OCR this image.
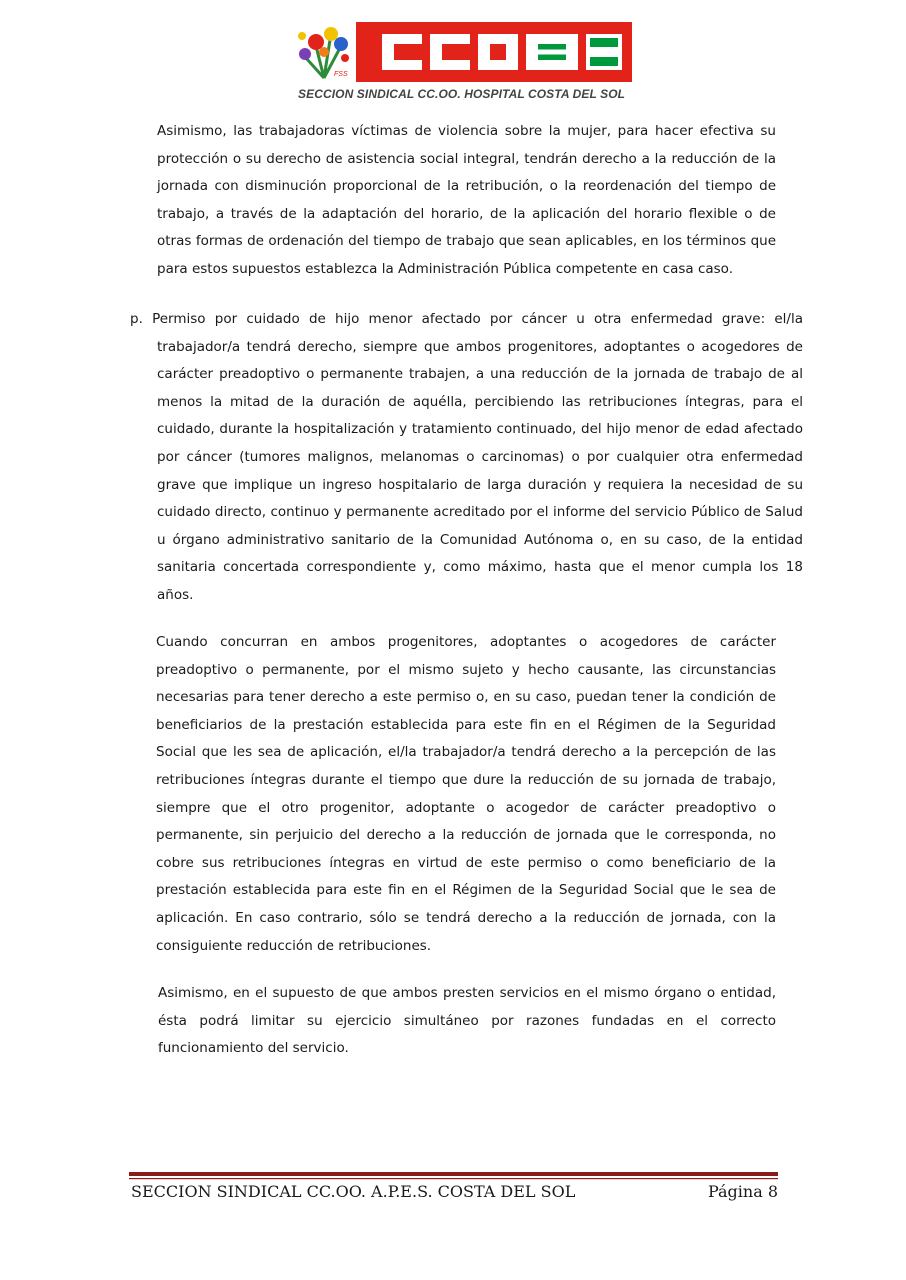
FSS
SECCION SINDICAL CC.OO. HOSPITAL COSTA DEL SOL

Asimismo, las trabajadoras víctimas de violencia sobre la mujer, para hacer efectiva su protección o su derecho de asistencia social integral, tendrán derecho a la reducción de la jornada con disminución proporcional de la retribución, o la reordenación del tiempo de trabajo, a través de la adaptación del horario, de la aplicación del horario flexible o de otras formas de ordenación del tiempo de trabajo que sean aplicables, en los términos que para estos supuestos establezca la Administración Pública competente en casa caso.

p. Permiso por cuidado de hijo menor afectado por cáncer u otra enfermedad grave: el/la trabajador/a tendrá derecho, siempre que ambos progenitores, adoptantes o acogedores de carácter preadoptivo o permanente trabajen, a una reducción de la jornada de trabajo de al menos la mitad de la duración de aquélla, percibiendo las retribuciones íntegras, para el cuidado, durante la hospitalización y tratamiento continuado, del hijo menor de edad afectado por cáncer (tumores malignos, melanomas o carcinomas) o por cualquier otra enfermedad grave que implique un ingreso hospitalario de larga duración y requiera la necesidad de su cuidado directo, continuo y permanente acreditado por el informe del servicio Público de Salud u órgano administrativo sanitario de la Comunidad Autónoma o, en su caso, de la entidad sanitaria concertada correspondiente y, como máximo, hasta que el menor cumpla los 18 años.

Cuando concurran en ambos progenitores, adoptantes o acogedores de carácter preadoptivo o permanente, por el mismo sujeto y hecho causante, las circunstancias necesarias para tener derecho a este permiso o, en su caso, puedan tener la condición de beneficiarios de la prestación establecida para este fin en el Régimen de la Seguridad Social que les sea de aplicación, el/la trabajador/a tendrá derecho a la percepción de las retribuciones íntegras durante el tiempo que dure la reducción de su jornada de trabajo, siempre que el otro progenitor, adoptante o acogedor de carácter preadoptivo o permanente, sin perjuicio del derecho a la reducción de jornada que le corresponda, no cobre sus retribuciones íntegras en virtud de este permiso o como beneficiario de la prestación establecida para este fin en el Régimen de la Seguridad Social que le sea de aplicación. En caso contrario, sólo se tendrá derecho a la reducción de jornada, con la consiguiente reducción de retribuciones.

Asimismo, en el supuesto de que ambos presten servicios en el mismo órgano o entidad, ésta podrá limitar su ejercicio simultáneo por razones fundadas en el correcto funcionamiento del servicio.

SECCION SINDICAL CC.OO. A.P.E.S. COSTA DEL SOL	Página 8
